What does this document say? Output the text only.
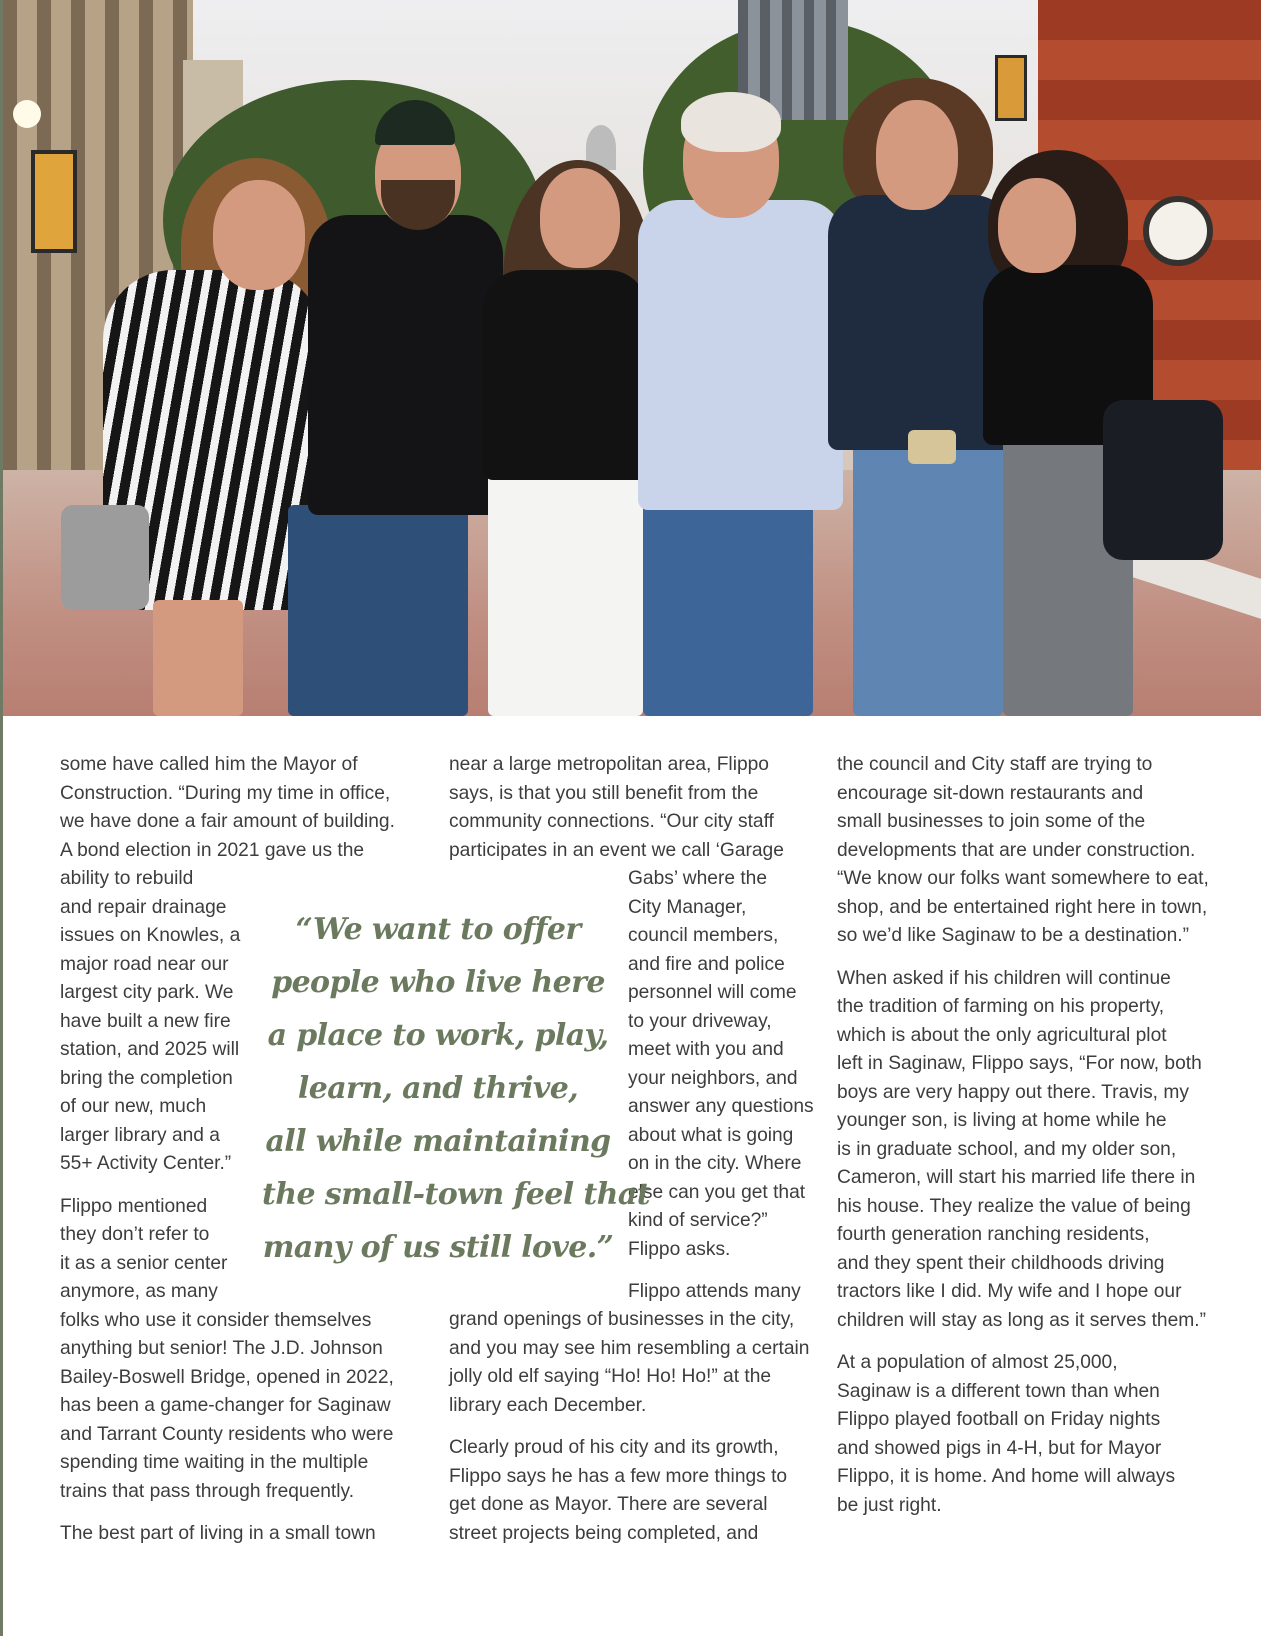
some have called him the Mayor of
Construction. “During my time in office,
we have done a fair amount of building.
A bond election in 2021 gave us the
ability to rebuild
and repair drainage
issues on Knowles, a
major road near our
largest city park. We
have built a new fire
station, and 2025 will
bring the completion
of our new, much
larger library and a
55+ Activity Center.”
Flippo mentioned
they don’t refer to
it as a senior center
anymore, as many
folks who use it consider themselves
anything but senior! The J.D. Johnson
Bailey-Boswell Bridge, opened in 2022,
has been a game-changer for Saginaw
and Tarrant County residents who were
spending time waiting in the multiple
trains that pass through frequently.
The best part of living in a small town
near a large metropolitan area, Flippo
says, is that you still benefit from the
community connections. “Our city staff
participates in an event we call ‘Garage
Gabs’ where the
City Manager,
council members,
and fire and police
personnel will come
to your driveway,
meet with you and
your neighbors, and
answer any questions
about what is going
on in the city. Where
else can you get that
kind of service?”
Flippo asks.
Flippo attends many
grand openings of businesses in the city,
and you may see him resembling a certain
jolly old elf saying “Ho! Ho! Ho!” at the
library each December.
Clearly proud of his city and its growth,
Flippo says he has a few more things to
get done as Mayor. There are several
street projects being completed, and
“We want to offer
people who live here
a place to work, play,
learn, and thrive,
all while maintaining
the small-town feel that
many of us still love.”
the council and City staff are trying to
encourage sit-down restaurants and
small businesses to join some of the
developments that are under construction.
“We know our folks want somewhere to eat,
shop, and be entertained right here in town,
so we’d like Saginaw to be a destination.”
When asked if his children will continue
the tradition of farming on his property,
which is about the only agricultural plot
left in Saginaw, Flippo says, “For now, both
boys are very happy out there. Travis, my
younger son, is living at home while he
is in graduate school, and my older son,
Cameron, will start his married life there in
his house. They realize the value of being
fourth generation ranching residents,
and they spent their childhoods driving
tractors like I did. My wife and I hope our
children will stay as long as it serves them.”
At a population of almost 25,000,
Saginaw is a different town than when
Flippo played football on Friday nights
and showed pigs in 4-H, but for Mayor
Flippo, it is home. And home will always
be just right.
